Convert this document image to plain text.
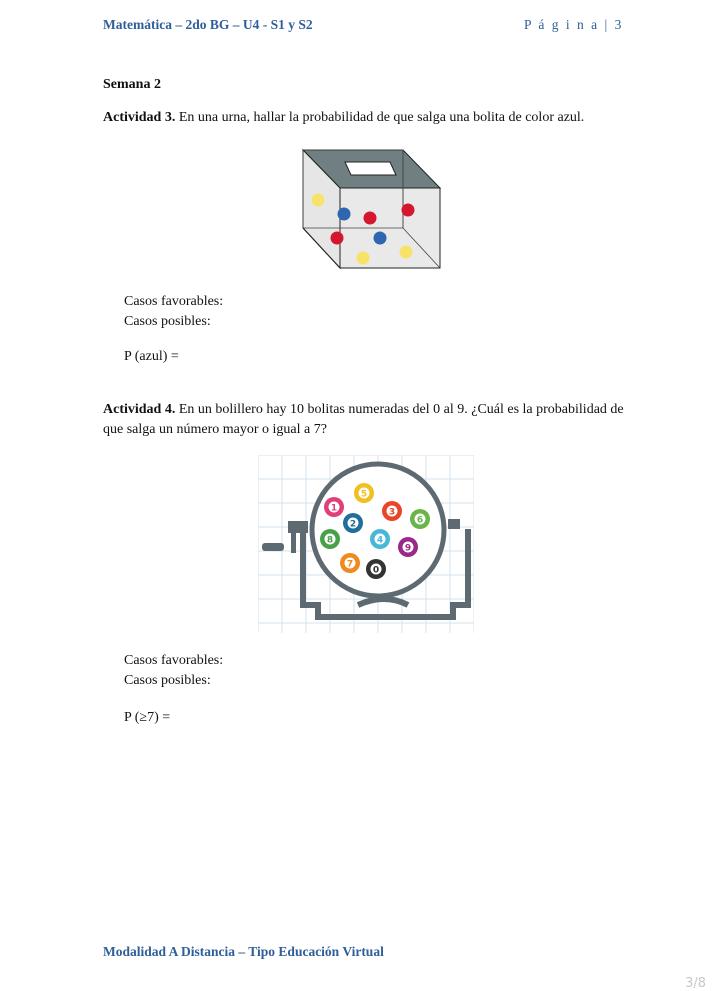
Matemática – 2do BG – U4 - S1 y S2	P á g i n a | 3
Semana 2
Actividad 3. En una urna, hallar la probabilidad de que salga una bolita de color azul.
Casos favorables:
Casos posibles:
P (azul) =
Actividad 4. En un bolillero hay 10 bolitas numeradas del 0 al 9. ¿Cuál es la probabilidad de que salga un número mayor o igual a 7?
5
1	3
2	6
8	4
9
7
0
Casos favorables:
Casos posibles:
P (≥7) =
Modalidad A Distancia – Tipo Educación Virtual
3/8
